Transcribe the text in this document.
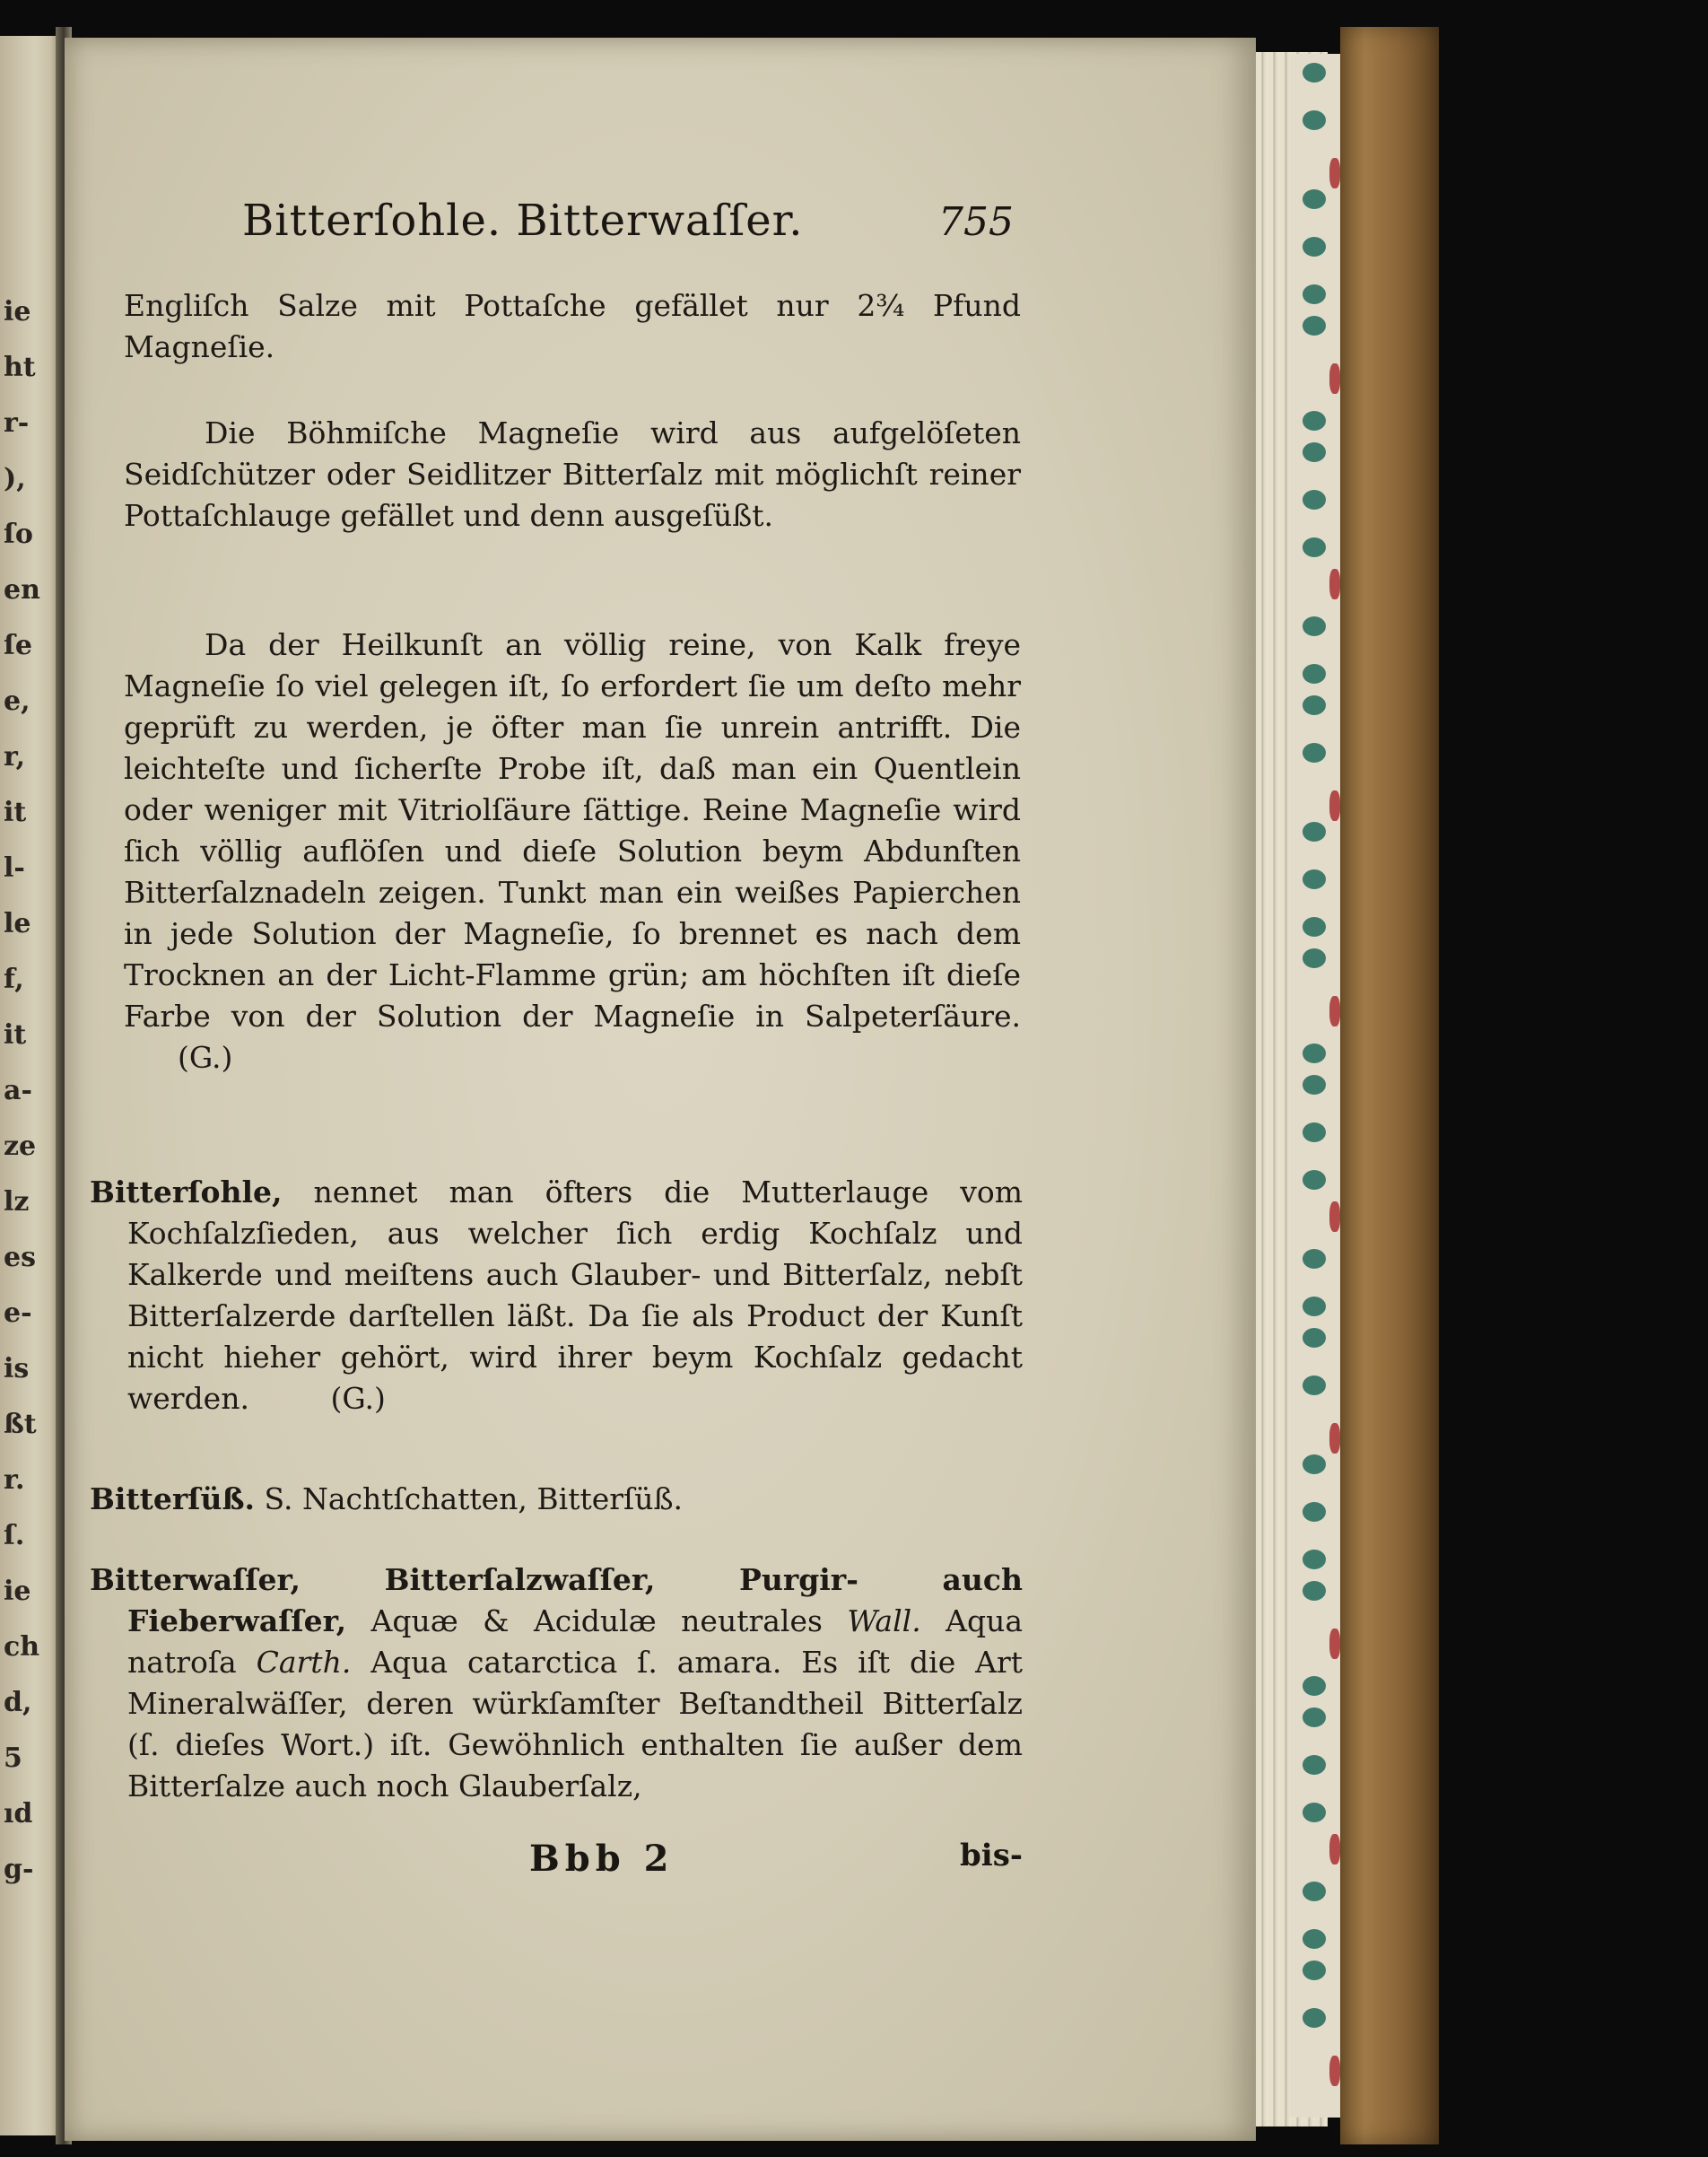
ie
ht
r-
),
ſo
en
ſe
e,
r,
it
l-
le
f,
it
a-
ze
lz
es
e-
is
ßt
r.
ſ.
ie
ch
d,
5
ıd
g-
Bitterſohle. Bitterwaſſer.	755

Engliſch Salze mit Pottaſche gefället nur 2¾ Pfund Magneſie.

Die Böhmiſche Magneſie wird aus aufgelöſeten Seidſchützer oder Seidlitzer Bitterſalz mit möglichſt reiner Pottaſchlauge gefället und denn ausgeſüßt.

Da der Heilkunſt an völlig reine, von Kalk freye Magneſie ſo viel gelegen iſt, ſo erfordert ſie um deſto mehr geprüft zu werden, je öfter man ſie unrein antrifft. Die leichteſte und ſicherſte Probe iſt, daß man ein Quentlein oder weniger mit Vitriolſäure ſättige. Reine Magneſie wird ſich völlig auflöſen und dieſe Solution beym Abdunſten Bitterſalznadeln zeigen. Tunkt man ein weißes Papierchen in jede Solution der Magneſie, ſo brennet es nach dem Trocknen an der Licht-Flamme grün; am höchſten iſt dieſe Farbe von der Solution der Magneſie in Salpeterſäure. (G.)

Bitterſohle, nennet man öfters die Mutterlauge vom Kochſalzſieden, aus welcher ſich erdig Kochſalz und Kalkerde und meiſtens auch Glauber- und Bitterſalz, nebſt Bitterſalzerde darſtellen läßt. Da ſie als Product der Kunſt nicht hieher gehört, wird ihrer beym Kochſalz gedacht werden.	(G.)

Bitterſüß. S. Nachtſchatten, Bitterſüß.

Bitterwaſſer, Bitterſalzwaſſer, Purgir- auch Fieberwaſſer, Aquæ & Acidulæ neutrales Wall. Aqua natroſa Carth. Aqua catarctica ſ. amara. Es iſt die Art Mineralwäſſer, deren würkſamſter Beſtandtheil Bitterſalz (ſ. dieſes Wort.) iſt. Gewöhnlich enthalten ſie außer dem Bitterſalze auch noch Glauberſalz,

Bbb 2	bis-
